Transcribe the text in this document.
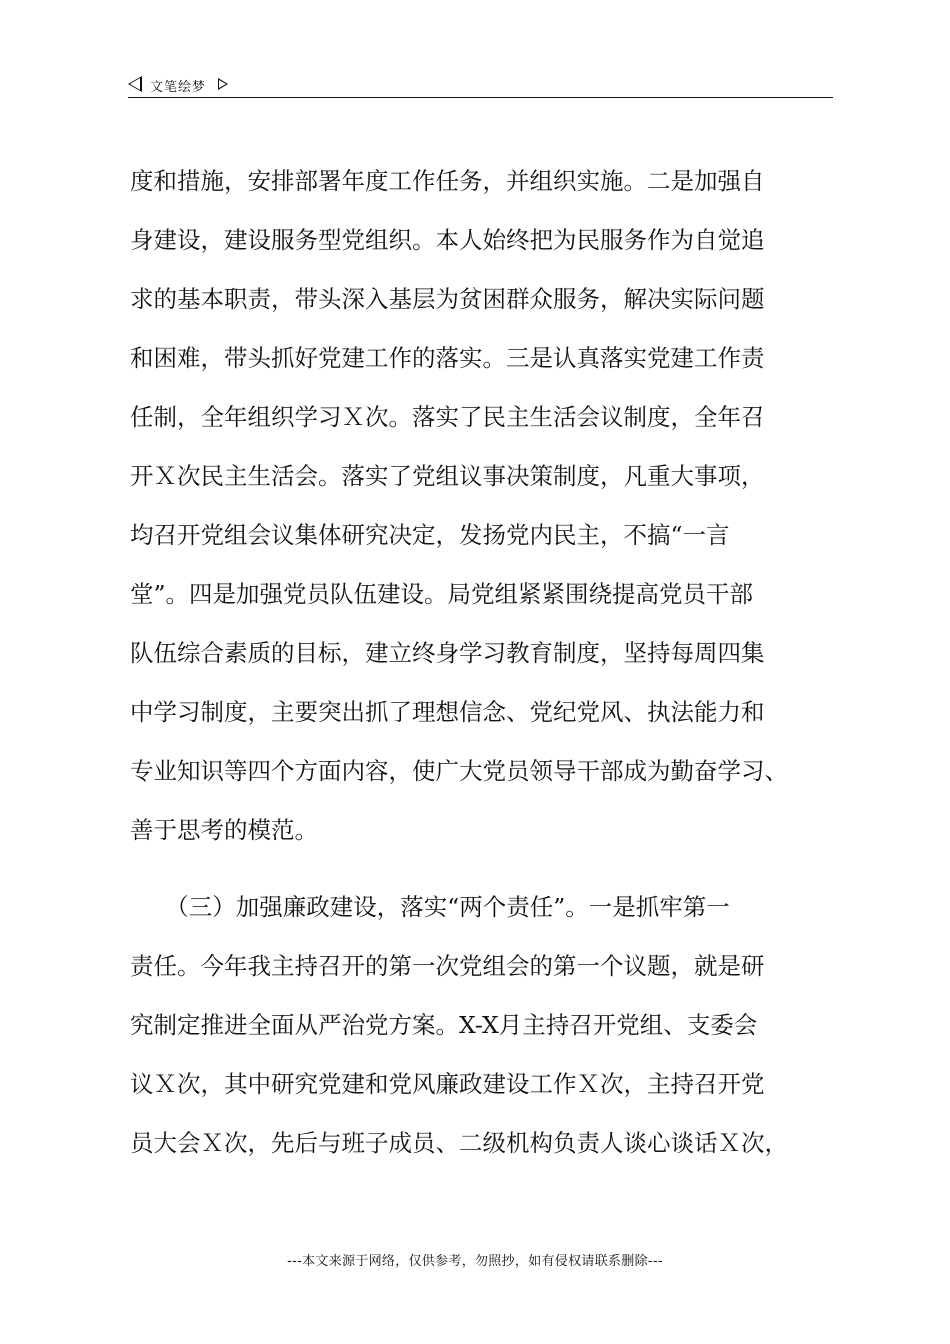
文笔绘梦
度和措施，安排部署年度工作任务，并组织实施。二是加强自
身建设，建设服务型党组织。本人始终把为民服务作为自觉追
求的基本职责，带头深入基层为贫困群众服务，解决实际问题
和困难，带头抓好党建工作的落实。三是认真落实党建工作责
任制，全年组织学习Ｘ次。落实了民主生活会议制度，全年召
开Ｘ次民主生活会。落实了党组议事决策制度，凡重大事项，
均召开党组会议集体研究决定，发扬党内民主，不搞“一言
堂”。四是加强党员队伍建设。局党组紧紧围绕提高党员干部
队伍综合素质的目标，建立终身学习教育制度，坚持每周四集
中学习制度，主要突出抓了理想信念、党纪党风、执法能力和
专业知识等四个方面内容，使广大党员领导干部成为勤奋学习、
善于思考的模范。
　　（三）加强廉政建设，落实“两个责任”。一是抓牢第一
责任。今年我主持召开的第一次党组会的第一个议题，就是研
究制定推进全面从严治党方案。X-X月主持召开党组、支委会
议Ｘ次，其中研究党建和党风廉政建设工作Ｘ次，主持召开党
员大会Ｘ次，先后与班子成员、二级机构负责人谈心谈话Ｘ次，
---本文来源于网络，仅供参考，勿照抄，如有侵权请联系删除---
